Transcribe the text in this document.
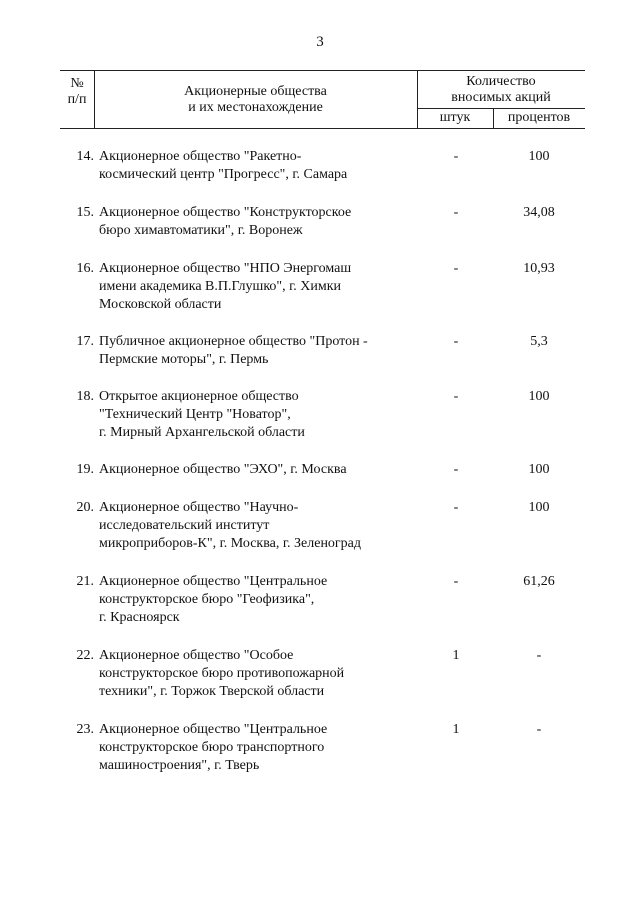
3
№
п/п
Акционерные общества
и их местонахождение
Количество
вносимых акций
штук	процентов
14. Акционерное общество "Ракетно-
космический центр "Прогресс", г. Самара
-	100
15. Акционерное общество "Конструкторское
бюро химавтоматики", г. Воронеж
-	34,08
16. Акционерное общество "НПО Энергомаш
имени академика В.П.Глушко", г. Химки
Московской области
-	10,93
17. Публичное акционерное общество "Протон -
Пермские моторы", г. Пермь
-	5,3
18. Открытое акционерное общество
"Технический Центр "Новатор",
г. Мирный Архангельской области
-	100
19. Акционерное общество "ЭХО", г. Москва	-	100
20. Акционерное общество "Научно-
исследовательский институт
микроприборов-К", г. Москва, г. Зеленоград
-	100
21. Акционерное общество "Центральное
конструкторское бюро "Геофизика",
г. Красноярск
-	61,26
22. Акционерное общество "Особое
конструкторское бюро противопожарной
техники", г. Торжок Тверской области
1	-
23. Акционерное общество "Центральное
конструкторское бюро транспортного
машиностроения", г. Тверь
1	-
